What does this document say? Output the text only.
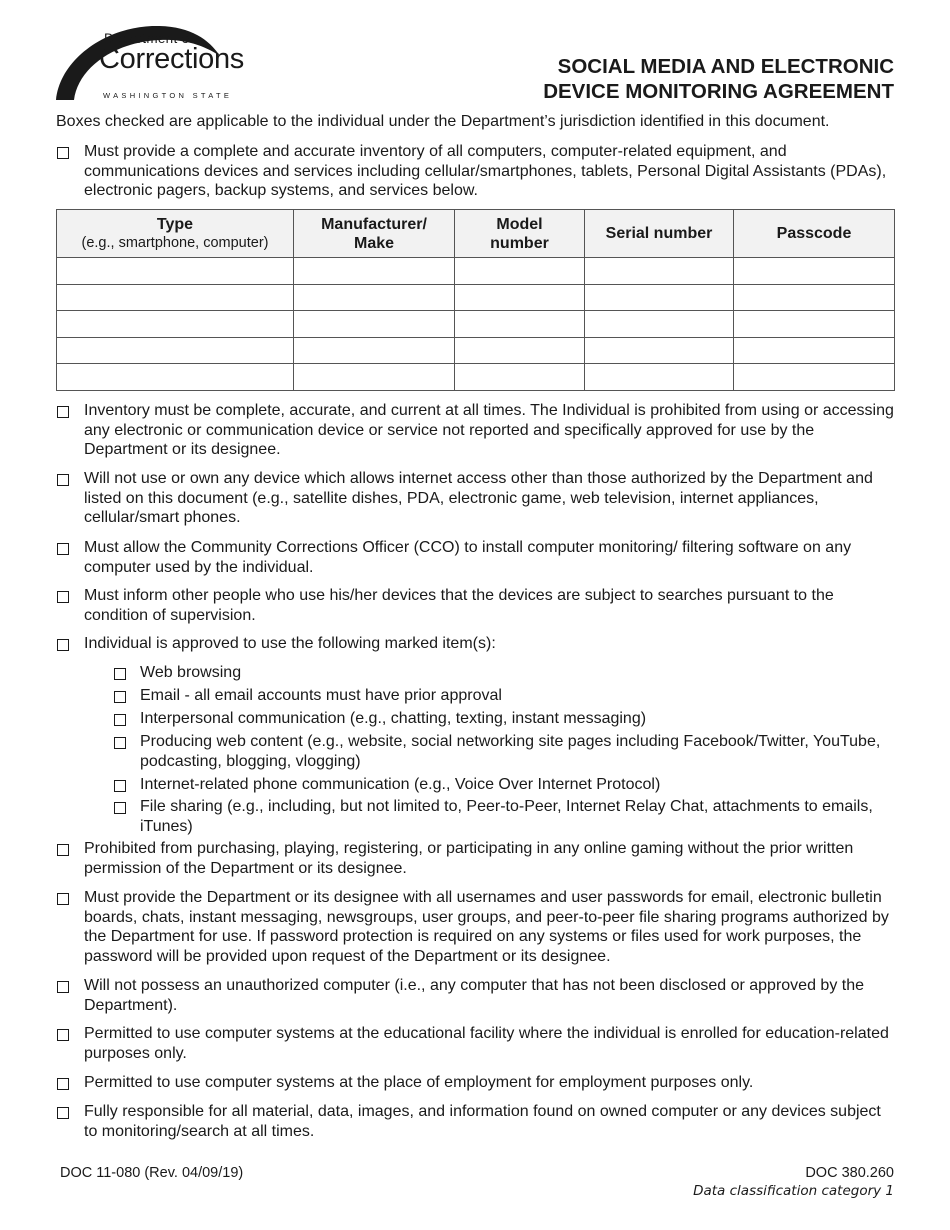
Department of
Corrections
WASHINGTON STATE
SOCIAL MEDIA AND ELECTRONIC
DEVICE MONITORING AGREEMENT
Boxes checked are applicable to the individual under the Department’s jurisdiction identified in this document.
Must provide a complete and accurate inventory of all computers, computer-related equipment, and communications devices and services including cellular/smartphones, tablets, Personal Digital Assistants (PDAs), electronic pagers, backup systems, and services below.
Type
(e.g., smartphone, computer)	Manufacturer/ Make	Model number	Serial number	Passcode

Inventory must be complete, accurate, and current at all times. The Individual is prohibited from using or accessing any electronic or communication device or service not reported and specifically approved for use by the Department or its designee.
Will not use or own any device which allows internet access other than those authorized by the Department and listed on this document (e.g., satellite dishes, PDA, electronic game, web television, internet appliances, cellular/smart phones.
Must allow the Community Corrections Officer (CCO) to install computer monitoring/ filtering software on any computer used by the individual.
Must inform other people who use his/her devices that the devices are subject to searches pursuant to the condition of supervision.
Individual is approved to use the following marked item(s):
Web browsing
Email - all email accounts must have prior approval
Interpersonal communication (e.g., chatting, texting, instant messaging)
Producing web content (e.g., website, social networking site pages including Facebook/Twitter, YouTube, podcasting, blogging, vlogging)
Internet-related phone communication (e.g., Voice Over Internet Protocol)
File sharing (e.g., including, but not limited to, Peer-to-Peer, Internet Relay Chat, attachments to emails, iTunes)
Prohibited from purchasing, playing, registering, or participating in any online gaming without the prior written permission of the Department or its designee.
Must provide the Department or its designee with all usernames and user passwords for email, electronic bulletin boards, chats, instant messaging, newsgroups, user groups, and peer-to-peer file sharing programs authorized by the Department for use. If password protection is required on any systems or files used for work purposes, the password will be provided upon request of the Department or its designee.
Will not possess an unauthorized computer (i.e., any computer that has not been disclosed or approved by the Department).
Permitted to use computer systems at the educational facility where the individual is enrolled for education-related purposes only.
Permitted to use computer systems at the place of employment for employment purposes only.
Fully responsible for all material, data, images, and information found on owned computer or any devices subject to monitoring/search at all times.
DOC 11-080 (Rev. 04/09/19)	DOC 380.260
Data classification category 1
